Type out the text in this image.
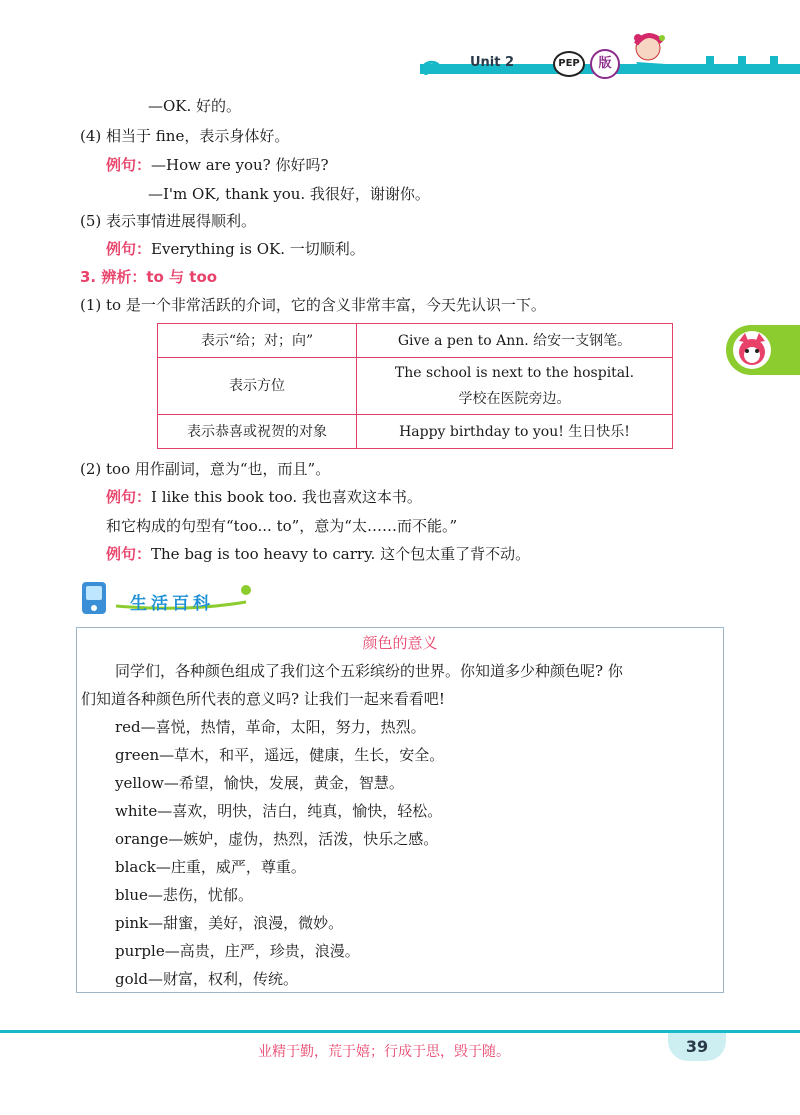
Unit 2	PEP	版
—OK. 好的。
(4) 相当于 fine，表示身体好。
例句：—How are you? 你好吗?
—I'm OK, thank you. 我很好，谢谢你。
(5) 表示事情进展得顺利。
例句：Everything is OK. 一切顺利。
3. 辨析：to 与 too
(1) to 是一个非常活跃的介词，它的含义非常丰富，今天先认识一下。
表示“给；对；向”	Give a pen to Ann. 给安一支钢笔。
表示方位	The school is next to the hospital.
学校在医院旁边。

表示恭喜或祝贺的对象	Happy birthday to you! 生日快乐!
(2) too 用作副词，意为“也，而且”。
例句：I like this book too. 我也喜欢这本书。
和它构成的句型有“too... to”，意为“太……而不能。”
例句：The bag is too heavy to carry. 这个包太重了背不动。
生活百科
颜色的意义
同学们，各种颜色组成了我们这个五彩缤纷的世界。你知道多少种颜色呢? 你
们知道各种颜色所代表的意义吗? 让我们一起来看看吧!
red—喜悦，热情，革命，太阳，努力，热烈。
green—草木，和平，遥远，健康，生长，安全。
yellow—希望，愉快，发展，黄金，智慧。
white—喜欢，明快，洁白，纯真，愉快，轻松。
orange—嫉妒，虚伪，热烈，活泼，快乐之感。
black—庄重，威严，尊重。
blue—悲伤，忧郁。
pink—甜蜜，美好，浪漫，微妙。
purple—高贵，庄严，珍贵，浪漫。
gold—财富，权利，传统。
业精于勤，荒于嬉；行成于思，毁于随。	39
